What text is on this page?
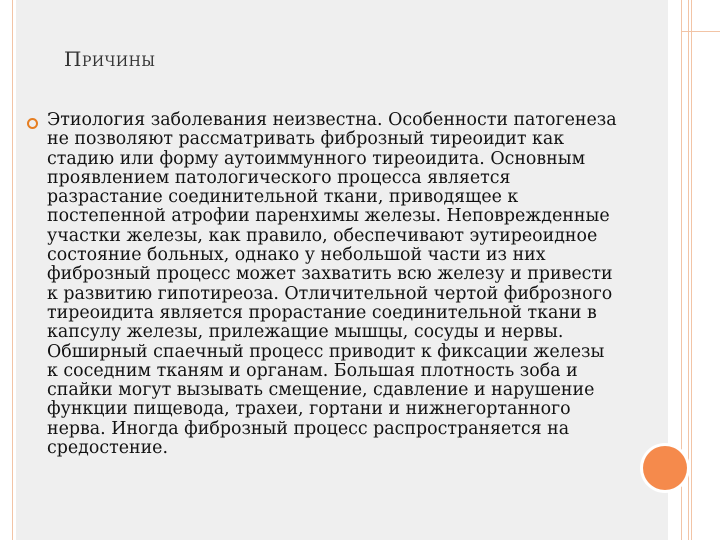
Причины

Этиология заболевания неизвестна. Особенности патогенеза
не позволяют рассматривать фиброзный тиреоидит как
стадию или форму аутоиммунного тиреоидита. Основным
проявлением патологического процесса является
разрастание соединительной ткани, приводящее к
постепенной атрофии паренхимы железы. Неповрежденные
участки железы, как правило, обеспечивают эутиреоидное
состояние больных, однако у небольшой части из них
фиброзный процесс может захватить всю железу и привести
к развитию гипотиреоза. Отличительной чертой фиброзного
тиреоидита является прорастание соединительной ткани в
капсулу железы, прилежащие мышцы, сосуды и нервы.
Обширный спаечный процесс приводит к фиксации железы
к соседним тканям и органам. Большая плотность зоба и
спайки могут вызывать смещение, сдавление и нарушение
функции пищевода, трахеи, гортани и нижнегортанного
нерва. Иногда фиброзный процесс распространяется на
средостение.
